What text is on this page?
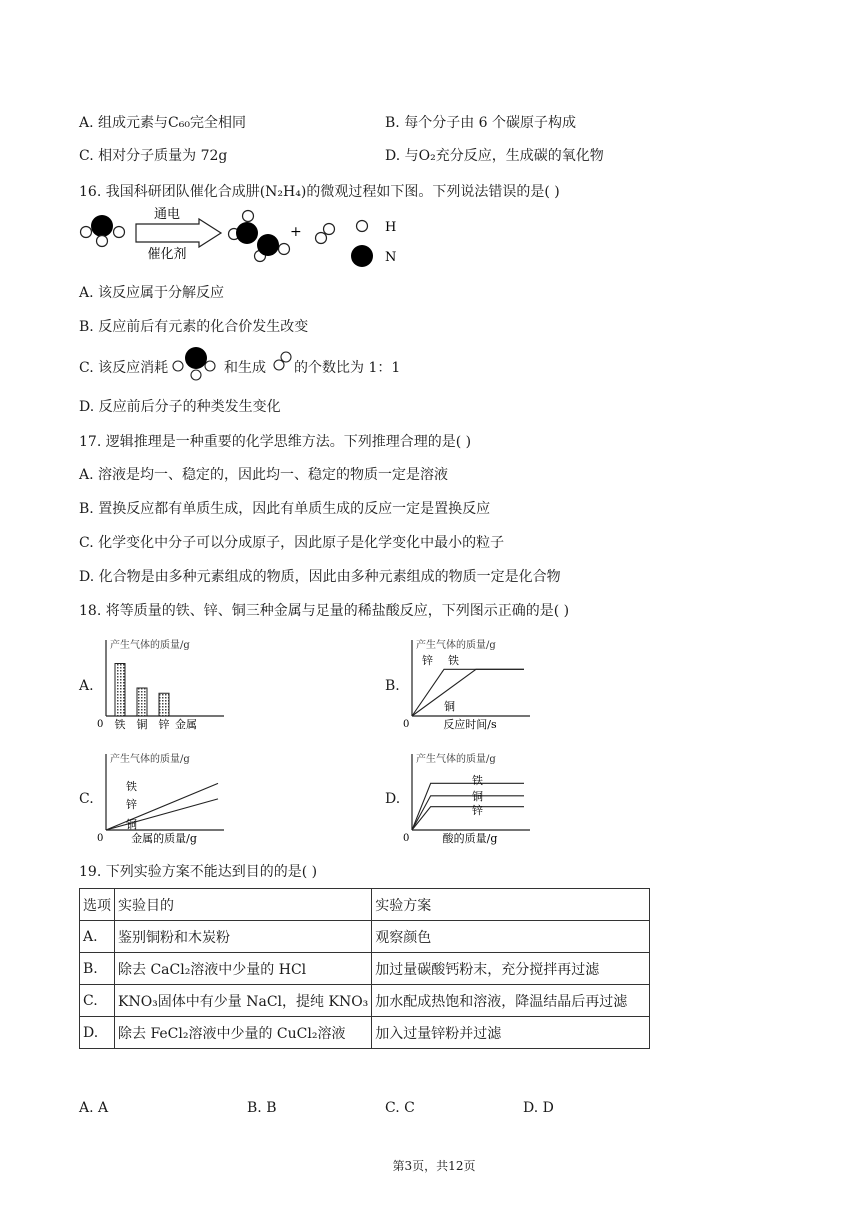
A. 组成元素与C₆₀完全相同	B. 每个分子由 6 个碳原子构成
C. 相对分子质量为 72g	D. 与O₂充分反应，生成碳的氧化物
16. 我国科研团队催化合成肼(N₂H₄)的微观过程如下图。下列说法错误的是( )
通电
催化剂
+	H
N
A. 该反应属于分解反应
B. 反应前后有元素的化合价发生改变
C. 该反应消耗	和生成 的个数比为 1：1
D. 反应前后分子的种类发生变化
17. 逻辑推理是一种重要的化学思维方法。下列推理合理的是( )
A. 溶液是均一、稳定的，因此均一、稳定的物质一定是溶液
B. 置换反应都有单质生成，因此有单质生成的反应一定是置换反应
C. 化学变化中分子可以分成原子，因此原子是化学变化中最小的粒子
D. 化合物是由多种元素组成的物质，因此由多种元素组成的物质一定是化合物
18. 将等质量的铁、锌、铜三种金属与足量的稀盐酸反应，下列图示正确的是( )
A.	B.
C.	D.
产生气体的质量/g
0 铁 铜 锌 金属
产生气体的质量/g
0
锌 铁
铜
反应时间/s
产生气体的质量/g
0
铁
锌
铜
金属的质量/g
产生气体的质量/g
0
铁
铜
锌
酸的质量/g
19. 下列实验方案不能达到目的的是( )
选项	实验目的	实验方案
A.	鉴别铜粉和木炭粉	观察颜色
B.	除去 CaCl₂溶液中少量的 HCl	加过量碳酸钙粉末，充分搅拌再过滤
C.	KNO₃固体中有少量 NaCl，提纯 KNO₃	加水配成热饱和溶液，降温结晶后再过滤
D.	除去 FeCl₂溶液中少量的 CuCl₂溶液	加入过量锌粉并过滤
A. A	B. B	C. C	D. D
第3页，共12页
